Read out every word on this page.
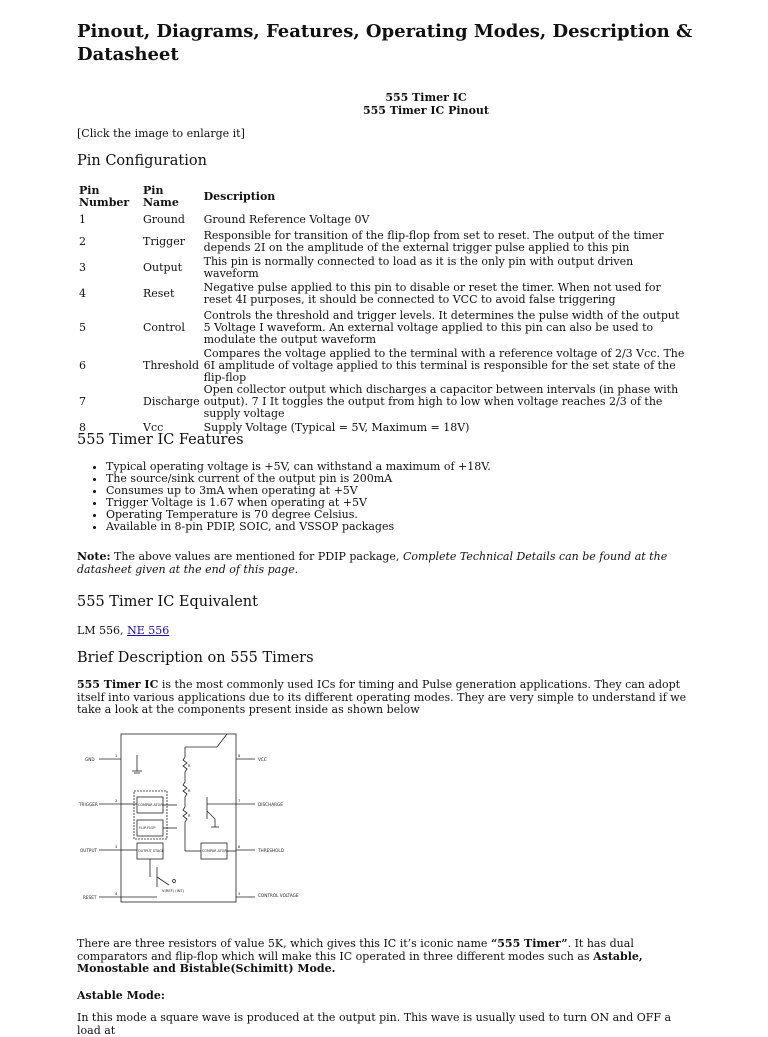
Pinout, Diagrams, Features, Operating Modes, Description & Datasheet
555 Timer IC
555 Timer IC Pinout
[Click the image to enlarge it]
Pin Configuration
Pin Number	Pin Name	Description
1	Ground	Ground Reference Voltage 0V
2	Trigger	Responsible for transition of the flip-flop from set to reset. The output of the timer depends 2I on the amplitude of the external trigger pulse applied to this pin
3	Output	This pin is normally connected to load as it is the only pin with output driven waveform
4	Reset	Negative pulse applied to this pin to disable or reset the timer. When not used for reset 4I purposes, it should be connected to VCC to avoid false triggering
5	Control	Controls the threshold and trigger levels. It determines the pulse width of the output 5 Voltage I waveform. An external voltage applied to this pin can also be used to modulate the output waveform
6	Threshold	Compares the voltage applied to the terminal with a reference voltage of 2/3 Vcc. The 6I amplitude of voltage applied to this terminal is responsible for the set state of the flip-flop
7	Discharge	Open collector output which discharges a capacitor between intervals (in phase with output). 7 I It toggles the output from high to low when voltage reaches 2/3 of the supply voltage
8	Vcc	Supply Voltage (Typical = 5V, Maximum = 18V)
555 Timer IC Features
• Typical operating voltage is +5V, can withstand a maximum of +18V.
• The source/sink current of the output pin is 200mA
• Consumes up to 3mA when operating at +5V
• Trigger Voltage is 1.67 when operating at +5V
• Operating Temperature is 70 degree Celsius.
• Available in 8-pin PDIP, SOIC, and VSSOP packages

Note: The above values are mentioned for PDIP package, Complete Technical Details can be found at the datasheet given at the end of this page.

555 Timer IC Equivalent
LM 556, NE 556
Brief Description on 555 Timers

555 Timer IC is the most commonly used ICs for timing and Pulse generation applications. They can adopt itself into various applications due to its different operating modes. They are very simple to understand if we take a look at the components present inside as shown below

GND
TRIGGER
OUTPUT
RESET
VCC
DISCHARGE
THRESHOLD
CONTROL VOLTAGE
COMPAR ATOR
FLIP FLOP
OUTPUT STAGE	COMPAR ATOR
V(REF) (INT)
1
2
3
4	5
6
7
8
R
R
R

There are three resistors of value 5K, which gives this IC it’s iconic name “555 Timer”. It has dual comparators and flip-flop which will make this IC operated in three different modes such as Astable, Monostable and Bistable(Schimitt) Mode.

Astable Mode:

In this mode a square wave is produced at the output pin. This wave is usually used to turn ON and OFF a load at
